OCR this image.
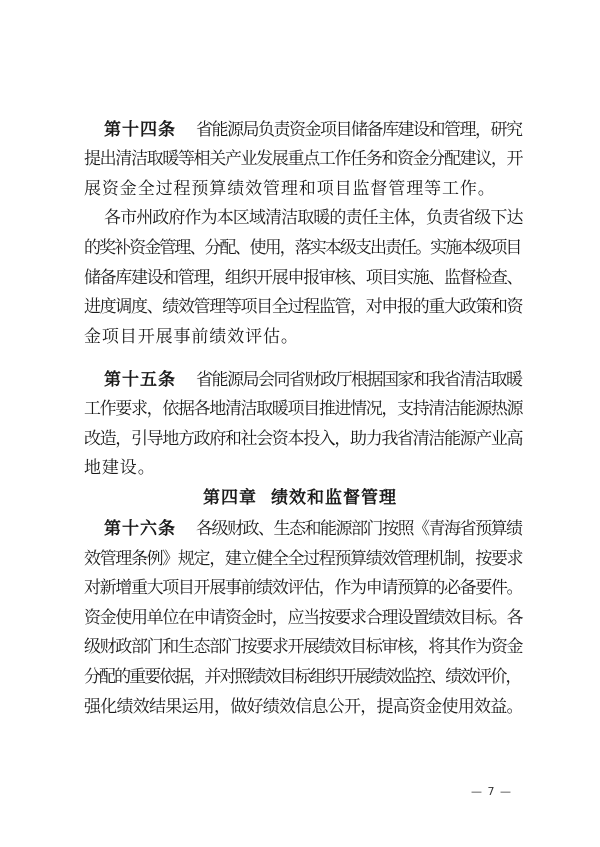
第十四条 省能源局负责资金项目储备库建设和管理，研究
提出清洁取暖等相关产业发展重点工作任务和资金分配建议，开
展资金全过程预算绩效管理和项目监督管理等工作。
各市州政府作为本区域清洁取暖的责任主体，负责省级下达
的奖补资金管理、分配、使用，落实本级支出责任。实施本级项目
储备库建设和管理，组织开展申报审核、项目实施、监督检查、
进度调度、绩效管理等项目全过程监管，对申报的重大政策和资
金项目开展事前绩效评估。
第十五条 省能源局会同省财政厅根据国家和我省清洁取暖
工作要求，依据各地清洁取暖项目推进情况，支持清洁能源热源
改造，引导地方政府和社会资本投入，助力我省清洁能源产业高
地建设。
第四章 绩效和监督管理
第十六条 各级财政、生态和能源部门按照《青海省预算绩
效管理条例》规定，建立健全全过程预算绩效管理机制，按要求
对新增重大项目开展事前绩效评估，作为申请预算的必备要件。
资金使用单位在申请资金时，应当按要求合理设置绩效目标。各
级财政部门和生态部门按要求开展绩效目标审核，将其作为资金
分配的重要依据，并对照绩效目标组织开展绩效监控、绩效评价，
强化绩效结果运用，做好绩效信息公开，提高资金使用效益。
— 7 —
